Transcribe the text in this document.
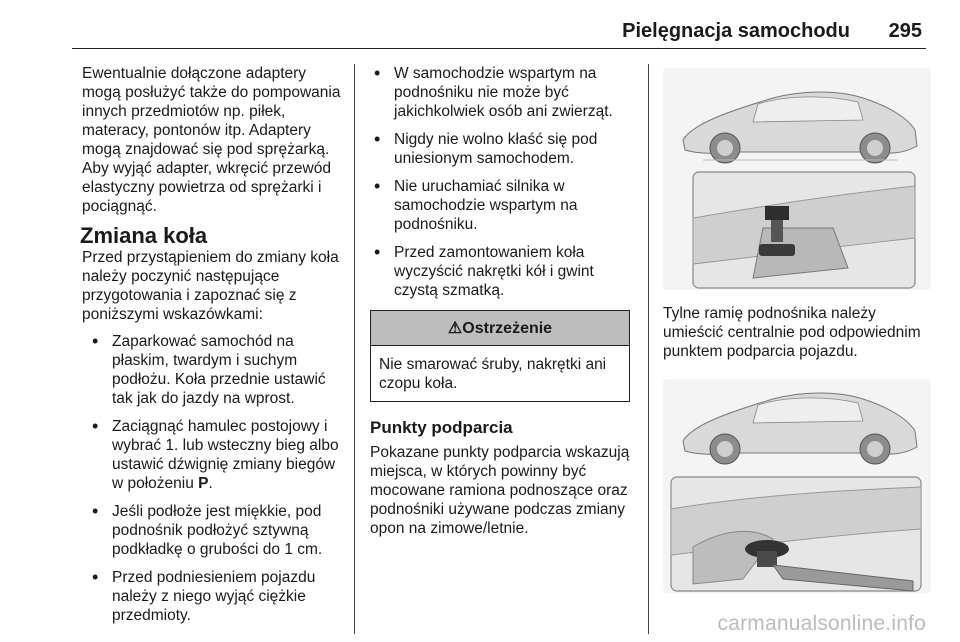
Pielęgnacja samochodu 295

Ewentualnie dołączone adaptery mogą posłużyć także do pompowania innych przedmiotów np. piłek, materacy, pontonów itp. Adaptery mogą znajdować się pod sprężarką. Aby wyjąć adapter, wkręcić przewód elastyczny powietrza od sprężarki i pociągnąć.

Zmiana koła

Przed przystąpieniem do zmiany koła należy poczynić następujące przygotowania i zapoznać się z poniższymi wskazówkami:

• Zaparkować samochód na płaskim, twardym i suchym podłożu. Koła przednie ustawić tak jak do jazdy na wprost.
• Zaciągnąć hamulec postojowy i wybrać 1. lub wsteczny bieg albo ustawić dźwignię zmiany biegów w położeniu P.
• Jeśli podłoże jest miękkie, pod podnośnik podłożyć sztywną podkładkę o grubości do 1 cm.
• Przed podniesieniem pojazdu należy z niego wyjąć ciężkie przedmioty.
• W samochodzie wspartym na podnośniku nie może być jakichkolwiek osób ani zwierząt.
• Nigdy nie wolno kłaść się pod uniesionym samochodem.
• Nie uruchamiać silnika w samochodzie wspartym na podnośniku.
• Przed zamontowaniem koła wyczyścić nakrętki kół i gwint czystą szmatką.
⚠Ostrzeżenie
Nie smarować śruby, nakrętki ani czopu koła.
Punkty podparcia

Pokazane punkty podparcia wskazują miejsca, w których powinny być mocowane ramiona podnoszące oraz podnośniki używane podczas zmiany opon na zimowe/letnie.

Tylne ramię podnośnika należy umieścić centralnie pod odpowiednim punktem podparcia pojazdu.

carmanualsonline.info
